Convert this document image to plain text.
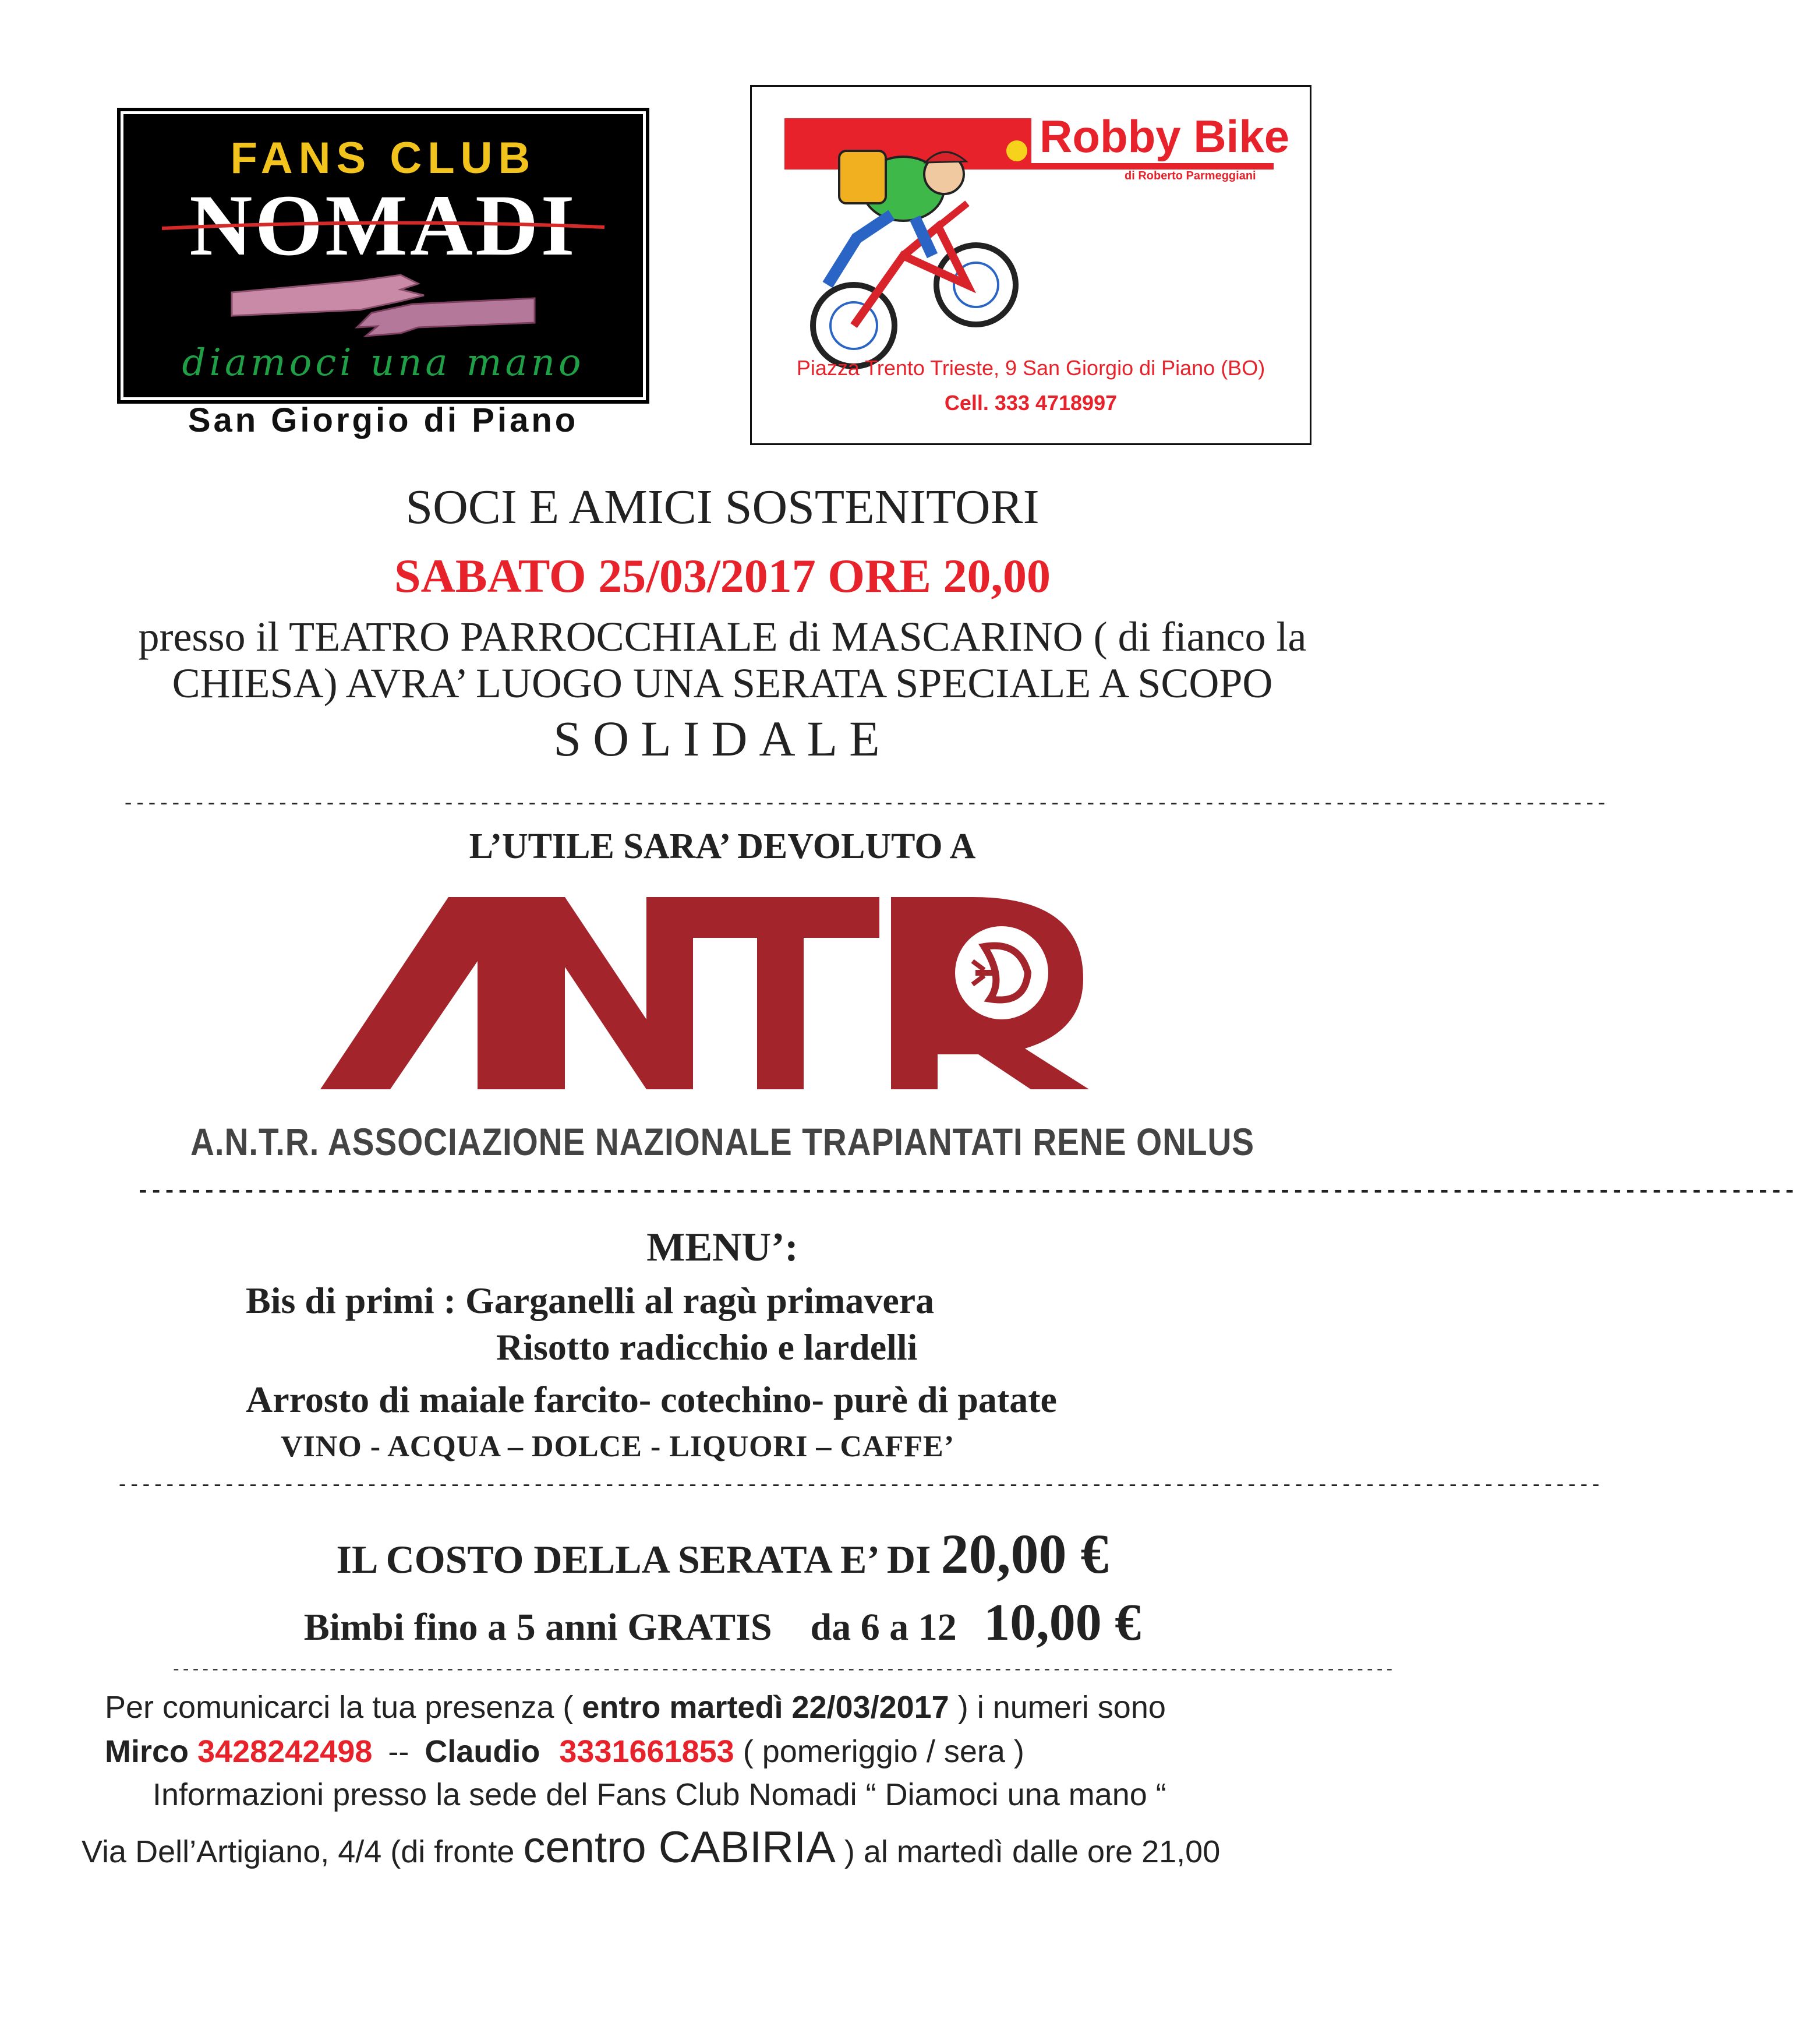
FANS CLUB
NOMADI
diamoci una mano
San Giorgio di Piano
Robby Bike
di Roberto Parmeggiani
Piazza Trento Trieste, 9 San Giorgio di Piano (BO)
Cell. 333 4718997
SOCI E AMICI SOSTENITORI
SABATO 25/03/2017 ORE 20,00
presso il TEATRO PARROCCHIALE di MASCARINO ( di fianco la
CHIESA) AVRA’ LUOGO UNA SERATA SPECIALE A SCOPO
SOLIDALE
-----------------------------------------------------------------------------------------------------------------------------
L’UTILE SARA’ DEVOLUTO A
A.N.T.R. ASSOCIAZIONE NAZIONALE TRAPIANTATI RENE ONLUS
-----------------------------------------------------------------------------------------------------------------------------
MENU’:
Bis di primi : Garganelli al ragù primavera
Risotto radicchio e lardelli
Arrosto di maiale farcito- cotechino- purè di patate
VINO - ACQUA – DOLCE - LIQUORI – CAFFE’
-----------------------------------------------------------------------------------------------------------------------------
IL COSTO DELLA SERATA E’ DI 20,00 €
Bimbi fino a 5 anni GRATIS    da 6 a 12 10,00 €
-----------------------------------------------------------------------------------------------------------------------------
Per comunicarci la tua presenza ( entro martedì 22/03/2017 ) i numeri sono
Mirco 3428242498 -- Claudio 3331661853 ( pomeriggio / sera )
Informazioni presso la sede del Fans Club Nomadi “ Diamoci una mano “
Via Dell’Artigiano, 4/4 (di fronte centro CABIRIA ) al martedì dalle ore 21,00
